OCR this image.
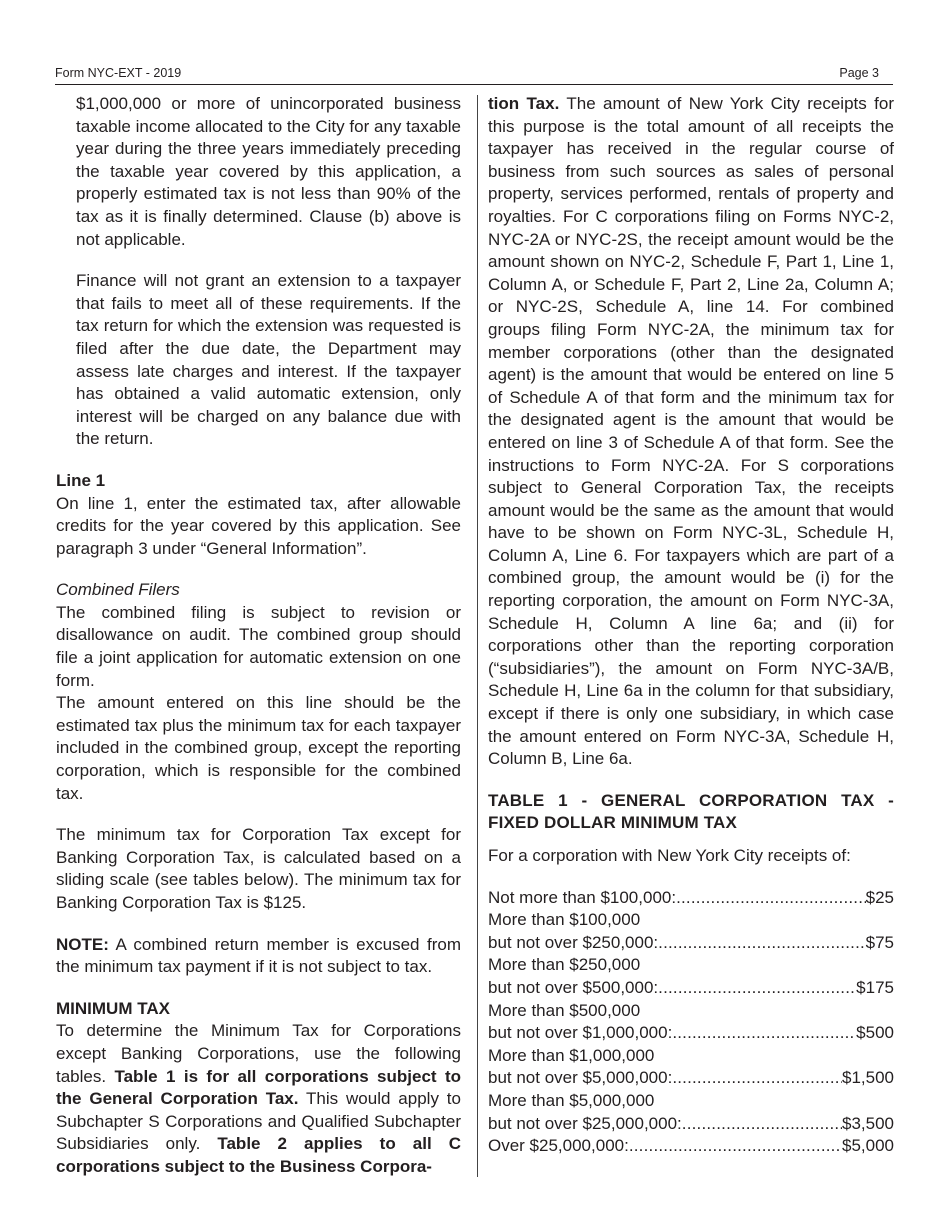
Form NYC-EXT - 2019	Page 3

$1,000,000 or more of unincorporated business taxable income allocated to the City for any taxable year during the three years immediately preceding the taxable year covered by this application, a properly estimated tax is not less than 90% of the tax as it is finally determined. Clause (b) above is not applicable.

Finance will not grant an extension to a taxpayer that fails to meet all of these requirements. If the tax return for which the extension was requested is filed after the due date, the Department may assess late charges and interest. If the taxpayer has obtained a valid automatic extension, only interest will be charged on any balance due with the return.

Line 1

On line 1, enter the estimated tax, after allowable credits for the year covered by this application. See paragraph 3 under “General Information”.

Combined Filers

The combined filing is subject to revision or disallowance on audit. The combined group should file a joint application for automatic extension on one form.

The amount entered on this line should be the estimated tax plus the minimum tax for each taxpayer included in the combined group, except the reporting corporation, which is responsible for the combined tax.

The minimum tax for Corporation Tax except for Banking Corporation Tax, is calculated based on a sliding scale (see tables below). The minimum tax for Banking Corporation Tax is $125.

NOTE: A combined return member is excused from the minimum tax payment if it is not subject to tax.

MINIMUM TAX

To determine the Minimum Tax for Corporations except Banking Corporations, use the following tables. Table 1 is for all corporations subject to the General Corporation Tax. This would apply to Subchapter S Corporations and Qualified Subchapter Subsidiaries only. Table 2 applies to all C corporations subject to the Business Corpora-

tion Tax. The amount of New York City receipts for this purpose is the total amount of all receipts the taxpayer has received in the regular course of business from such sources as sales of personal property, services performed, rentals of property and royalties. For C corporations filing on Forms NYC-2, NYC-2A or NYC-2S, the receipt amount would be the amount shown on NYC-2, Schedule F, Part 1, Line 1, Column A, or Schedule F, Part 2, Line 2a, Column A; or NYC-2S, Schedule A, line 14. For combined groups filing Form NYC-2A, the minimum tax for member corporations (other than the designated agent) is the amount that would be entered on line 5 of Schedule A of that form and the minimum tax for the designated agent is the amount that would be entered on line 3 of Schedule A of that form. See the instructions to Form NYC-2A. For S corporations subject to General Corporation Tax, the receipts amount would be the same as the amount that would have to be shown on Form NYC-3L, Schedule H, Column A, Line 6. For taxpayers which are part of a combined group, the amount would be (i) for the reporting corporation, the amount on Form NYC-3A, Schedule H, Column A line 6a; and (ii) for corporations other than the reporting corporation (“subsidiaries”), the amount on Form NYC-3A/B, Schedule H, Line 6a in the column for that subsidiary, except if there is only one subsidiary, in which case the amount entered on Form NYC-3A, Schedule H, Column B, Line 6a.

TABLE 1 - GENERAL CORPORATION TAX - FIXED DOLLAR MINIMUM TAX

For a corporation with New York City receipts of:

Not more than $100,000: .....	$25
More than $100,000
but not over $250,000: .....	$75
More than $250,000
but not over $500,000: .....	$175
More than $500,000
but not over $1,000,000: .....	$500
More than $1,000,000
but not over $5,000,000: .....	$1,500
More than $5,000,000
but not over $25,000,000: .....	$3,500
Over $25,000,000: .....	$5,000
